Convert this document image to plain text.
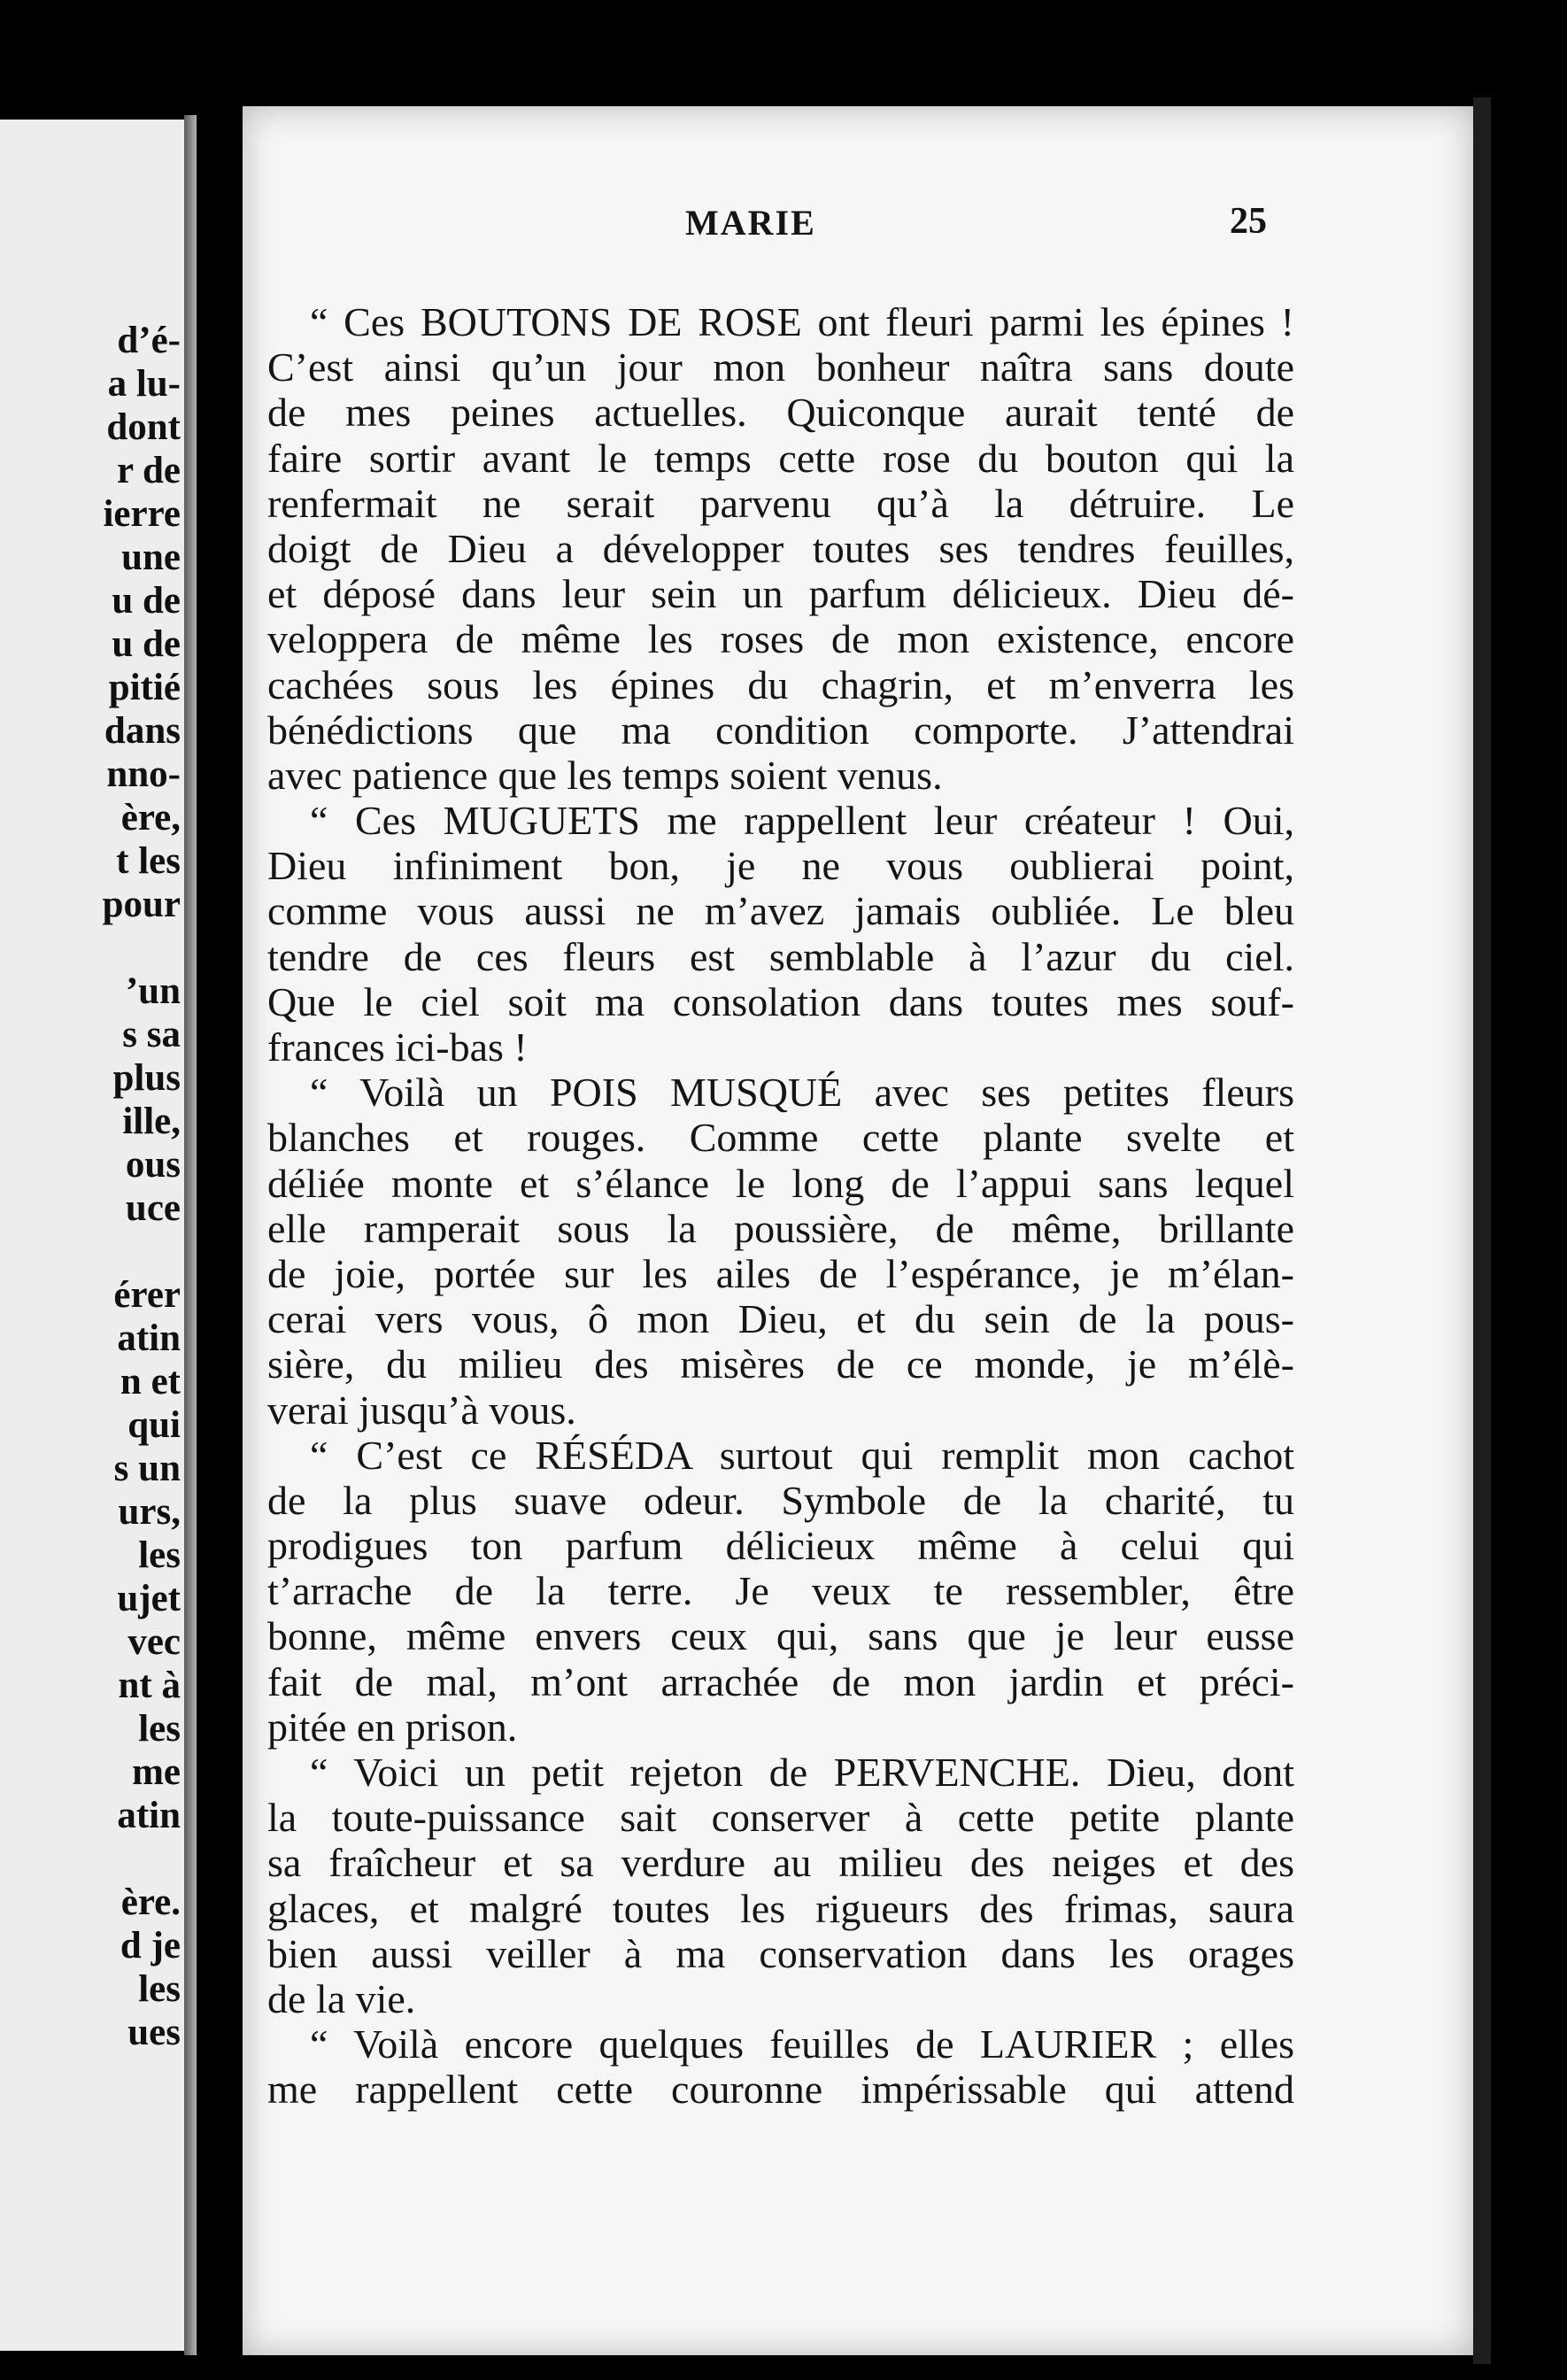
d’é-
a lu-
dont
r de
ierre
une
u de
u de
pitié
dans
nno-
ère,
t les
pour
’un
s sa
plus
ille,
ous
uce
érer
atin
n et
qui
s un
urs,
les
ujet
vec
nt à
les
me
atin
ère.
d je
les
ues
MARIE	25
“ Ces BOUTONS DE ROSE ont fleuri parmi les épines !
C’est ainsi qu’un jour mon bonheur naîtra sans doute
de mes peines actuelles. Quiconque aurait tenté de
faire sortir avant le temps cette rose du bouton qui la
renfermait ne serait parvenu qu’à la détruire. Le
doigt de Dieu a développer toutes ses tendres feuilles,
et déposé dans leur sein un parfum délicieux. Dieu dé-
veloppera de même les roses de mon existence, encore
cachées sous les épines du chagrin, et m’enverra les
bénédictions que ma condition comporte. J’attendrai
avec patience que les temps soient venus.
“ Ces MUGUETS me rappellent leur créateur ! Oui,
Dieu infiniment bon, je ne vous oublierai point,
comme vous aussi ne m’avez jamais oubliée. Le bleu
tendre de ces fleurs est semblable à l’azur du ciel.
Que le ciel soit ma consolation dans toutes mes souf-
frances ici-bas !
“ Voilà un POIS MUSQUÉ avec ses petites fleurs
blanches et rouges. Comme cette plante svelte et
déliée monte et s’élance le long de l’appui sans lequel
elle ramperait sous la poussière, de même, brillante
de joie, portée sur les ailes de l’espérance, je m’élan-
cerai vers vous, ô mon Dieu, et du sein de la pous-
sière, du milieu des misères de ce monde, je m’élè-
verai jusqu’à vous.
“ C’est ce RÉSÉDA surtout qui remplit mon cachot
de la plus suave odeur. Symbole de la charité, tu
prodigues ton parfum délicieux même à celui qui
t’arrache de la terre. Je veux te ressembler, être
bonne, même envers ceux qui, sans que je leur eusse
fait de mal, m’ont arrachée de mon jardin et préci-
pitée en prison.
“ Voici un petit rejeton de PERVENCHE. Dieu, dont
la toute-puissance sait conserver à cette petite plante
sa fraîcheur et sa verdure au milieu des neiges et des
glaces, et malgré toutes les rigueurs des frimas, saura
bien aussi veiller à ma conservation dans les orages
de la vie.
“ Voilà encore quelques feuilles de LAURIER ; elles
me rappellent cette couronne impérissable qui attend
